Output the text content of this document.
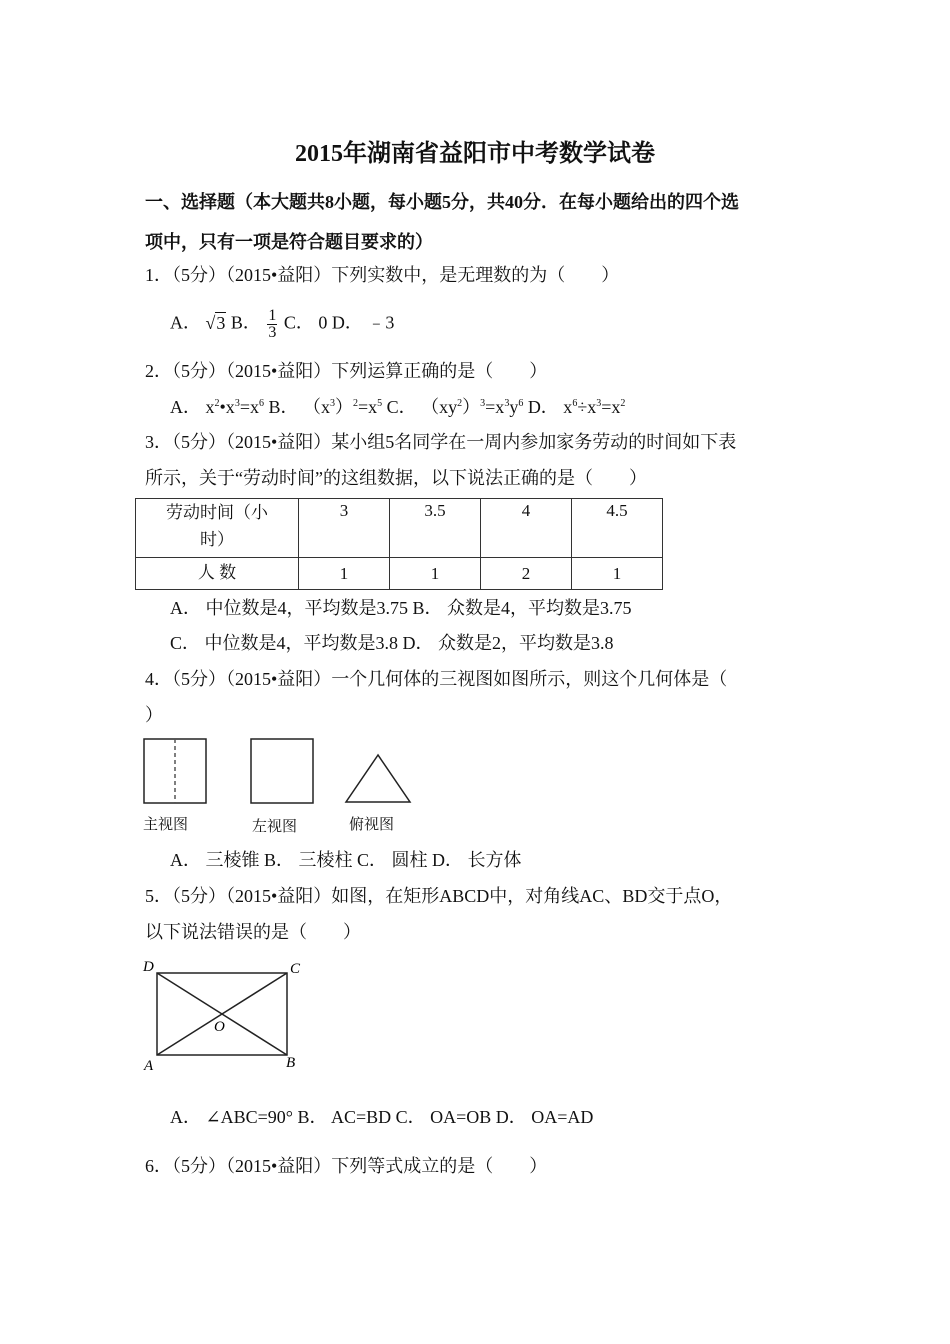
2015年湖南省益阳市中考数学试卷
一、选择题（本大题共8小题，每小题5分，共40分．在每小题给出的四个选
项中，只有一项是符合题目要求的）
1．（5分）（2015•益阳）下列实数中，是无理数的为（　　）
A． √3 B． $\frac{1}{3}$ C． 0 D． ﹣3
2．（5分）（2015•益阳）下列运算正确的是（　　）
A． $x^2•x^3=x^6$ B． $(x^3)^2=x^5$ C． $(xy^2)^3=x^3y^6$ D． $x^6\div x^3=x^2$
3．（5分）（2015•益阳）某小组5名同学在一周内参加家务劳动的时间如下表
所示，关于“劳动时间”的这组数据，以下说法正确的是（　　）
劳动时间（小时）	3	3.5	4	4.5
人 数	1	1	2	1
A． 中位数是4，平均数是3.75 B． 众数是4，平均数是3.75
C． 中位数是4，平均数是3.8 D． 众数是2，平均数是3.8
4．（5分）（2015•益阳）一个几何体的三视图如图所示，则这个几何体是（
）
主视图	左视图	俯视图
A． 三棱锥 B． 三棱柱 C． 圆柱 D． 长方体
5．（5分）（2015•益阳）如图，在矩形ABCD中，对角线AC、BD交于点O，
以下说法错误的是（　　）
D	C
A	B
O
A． ∠ABC=90° B． AC=BD C． OA=OB D． OA=AD
6．（5分）（2015•益阳）下列等式成立的是（　　）
